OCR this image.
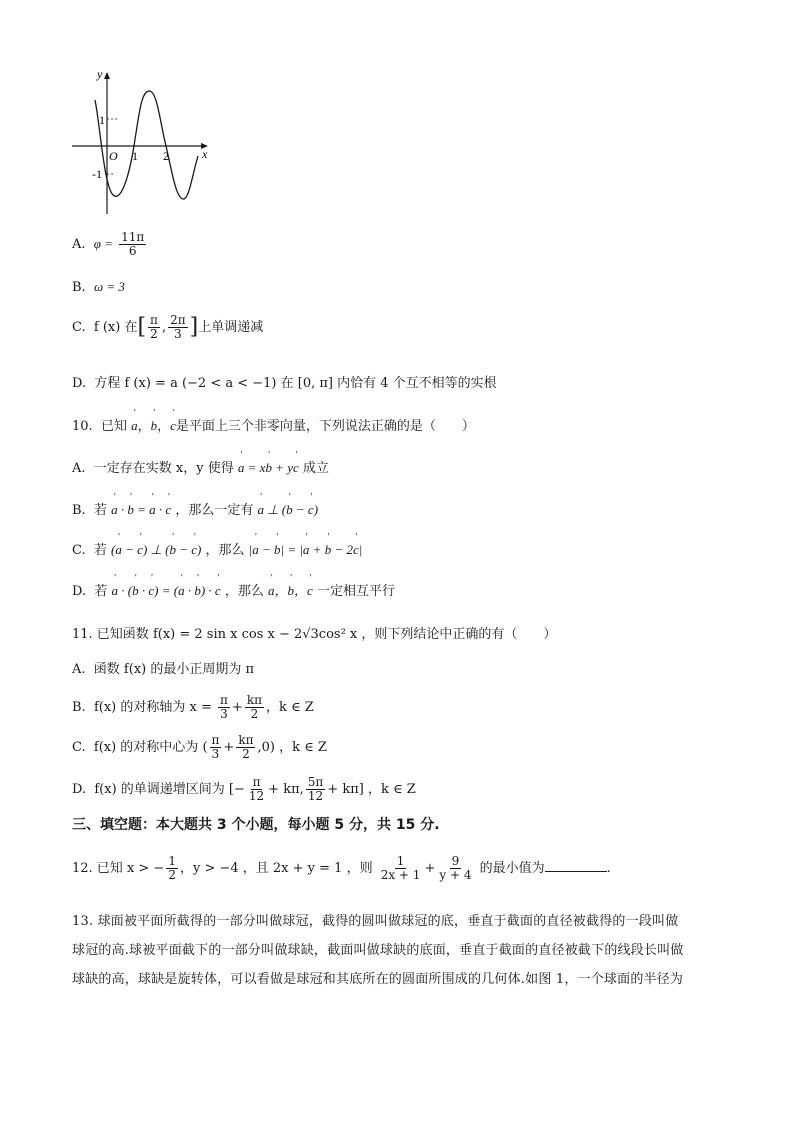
y
x
O
1
-1
1 2
A. $\varphi = \frac{11\pi}{6}$
B. ω = 3
C. f (x) 在[ $\frac{\pi}{2}$ , $\frac{2\pi}{3}$ ]上单调递减
D. 方程 f (x) = a (−2 < a < −1) 在 [0, π] 内恰有 4 个互不相等的实根
10. 已知 ' a，' b，' c是平面上三个非零向量，下列说法正确的是（　　）
A. 一定存在实数 x，y 使得 ' a = x' b + y' c 成立
B. 若 ' a · ' b = ' a · ' c ，那么一定有 ' a ⊥ (' b − ' c)
C. 若 (' a − ' c) ⊥ (' b − ' c) ，那么 |' a − ' b| = |' a + ' b − 2' c|
D. 若 ' a · (' b · ' c) = (' a · ' b) · ' c ，那么 ' a，' b，' c 一定相互平行
11. 已知函数 f(x) = 2 sin x cos x − 2√3cos² x ，则下列结论中正确的有（　　）
A. 函数 f(x) 的最小正周期为 π
B. f(x) 的对称轴为 $x = \frac{\pi}{3} + \frac{k\pi}{2}$ ，k ∈ Z
C. f(x) 的对称中心为 ( $\frac{\pi}{3} + \frac{k\pi}{2} ,0$) ，k ∈ Z
D. f(x) 的单调递增区间为 [− $\frac{\pi}{12} + k\pi$, $\frac{5\pi}{12} + k\pi$] ，k ∈ Z
三、填空题：本大题共 3 个小题，每小题 5 分，共 15 分.
12. 已知 x > − $\frac{1}{2}$ ，y > −4 ，且 2x + y = 1 ，则 $\frac{1}{2x + 1} + \frac{9}{y + 4}$ 的最小值为	.
13. 球面被平面所截得的一部分叫做球冠，截得的圆叫做球冠的底，垂直于截面的直径被截得的一段叫做
球冠的高.球被平面截下的一部分叫做球缺，截面叫做球缺的底面，垂直于截面的直径被截下的线段长叫做
球缺的高，球缺是旋转体，可以看做是球冠和其底所在的圆面所围成的几何体.如图 1，一个球面的半径为
